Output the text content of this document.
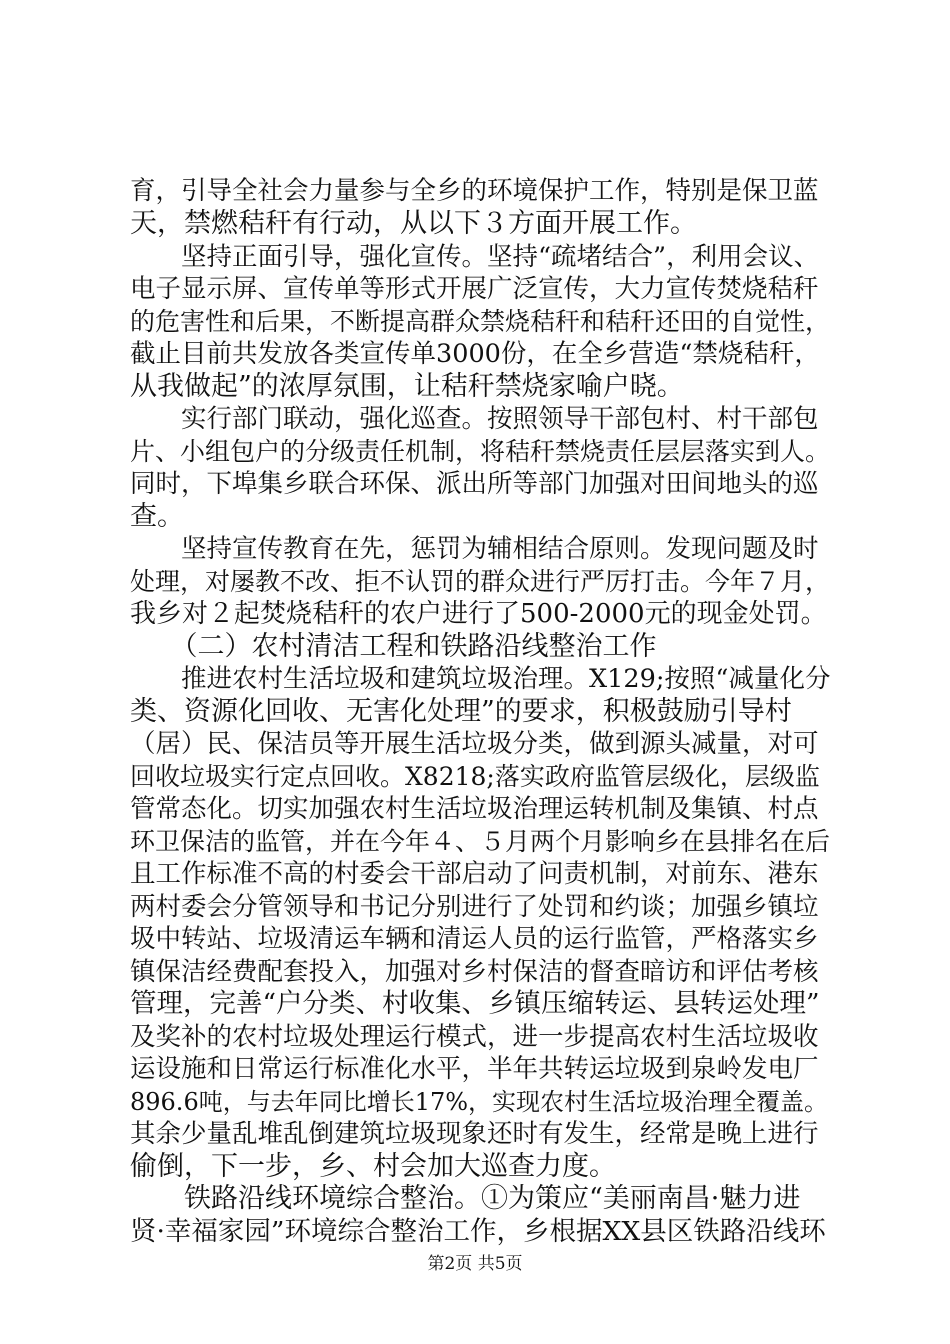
育，引导全社会力量参与全乡的环境保护工作，特别是保卫蓝
天，禁燃秸秆有行动，从以下３方面开展工作。
　　坚持正面引导，强化宣传。坚持“疏堵结合”，利用会议、
电子显示屏、宣传单等形式开展广泛宣传，大力宣传焚烧秸秆
的危害性和后果，不断提高群众禁烧秸秆和秸秆还田的自觉性，
截止目前共发放各类宣传单3000份，在全乡营造“禁烧秸秆，
从我做起”的浓厚氛围，让秸秆禁烧家喻户晓。
　　实行部门联动，强化巡查。按照领导干部包村、村干部包
片、小组包户的分级责任机制，将秸秆禁烧责任层层落实到人。
同时，下埠集乡联合环保、派出所等部门加强对田间地头的巡
查。
　　坚持宣传教育在先，惩罚为辅相结合原则。发现问题及时
处理，对屡教不改、拒不认罚的群众进行严厉打击。今年７月，
我乡对２起焚烧秸秆的农户进行了500-2000元的现金处罚。
　　（二）农村清洁工程和铁路沿线整治工作
　　推进农村生活垃圾和建筑垃圾治理。X129;按照“减量化分
类、资源化回收、无害化处理”的要求，积极鼓励引导村
（居）民、保洁员等开展生活垃圾分类，做到源头减量，对可
回收垃圾实行定点回收。X8218;落实政府监管层级化，层级监
管常态化。切实加强农村生活垃圾治理运转机制及集镇、村点
环卫保洁的监管，并在今年４、５月两个月影响乡在县排名在后
且工作标准不高的村委会干部启动了问责机制，对前东、港东
两村委会分管领导和书记分别进行了处罚和约谈；加强乡镇垃
圾中转站、垃圾清运车辆和清运人员的运行监管，严格落实乡
镇保洁经费配套投入，加强对乡村保洁的督查暗访和评估考核
管理，完善“户分类、村收集、乡镇压缩转运、县转运处理”
及奖补的农村垃圾处理运行模式，进一步提高农村生活垃圾收
运设施和日常运行标准化水平，半年共转运垃圾到泉岭发电厂
896.6吨，与去年同比增长17%，实现农村生活垃圾治理全覆盖。
其余少量乱堆乱倒建筑垃圾现象还时有发生，经常是晚上进行
偷倒，下一步，乡、村会加大巡查力度。
　　铁路沿线环境综合整治。①为策应“美丽南昌·魅力进
贤·幸福家园”环境综合整治工作，乡根据XX县区铁路沿线环
第2页 共5页
